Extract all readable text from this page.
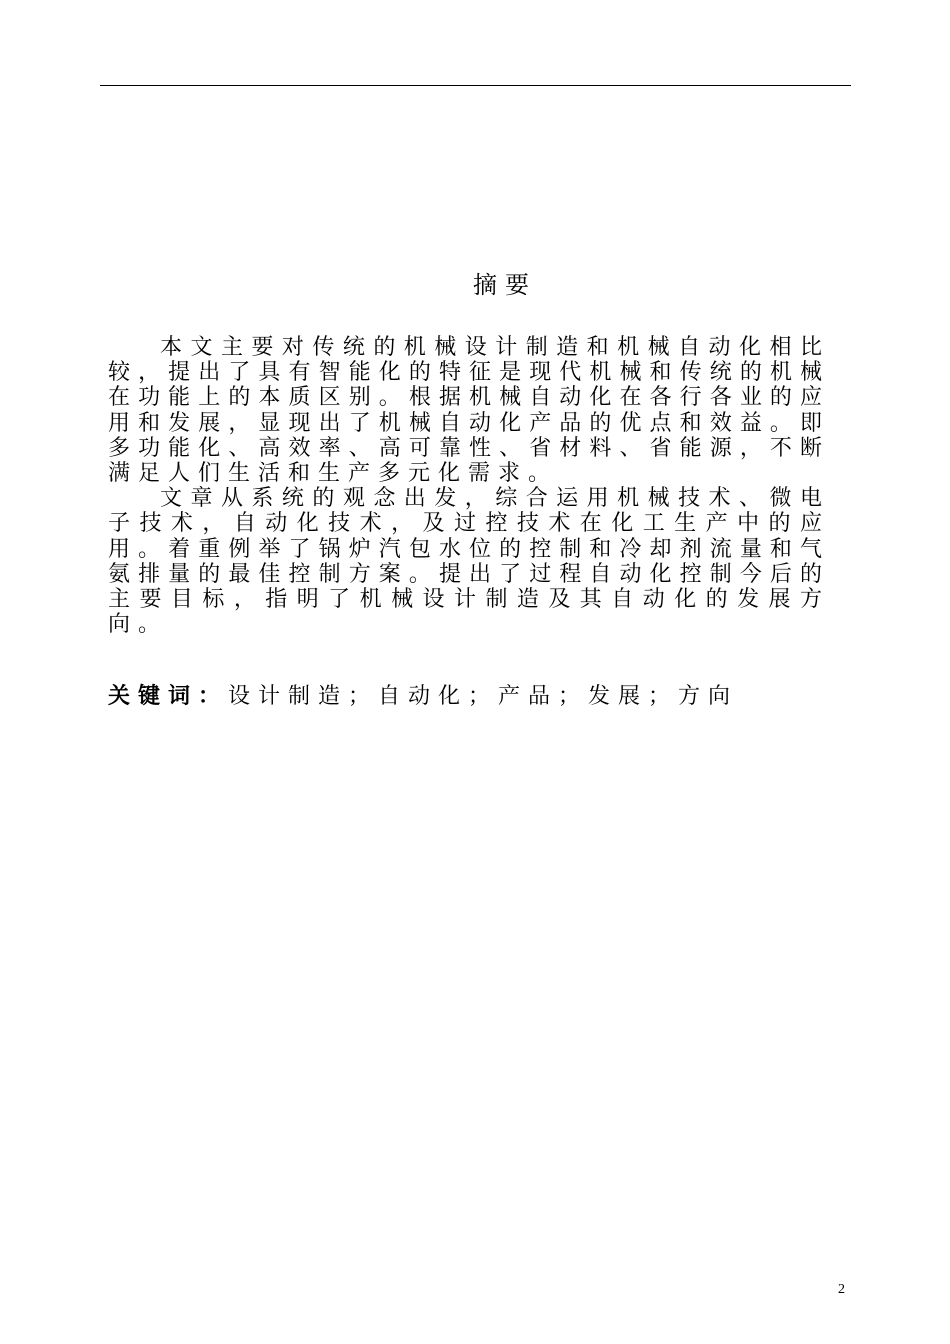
摘要

本文主要对传统的机械设计制造和机械自动化相比较，提出了具有智能化的特征是现代机械和传统的机械在功能上的本质区别。根据机械自动化在各行各业的应用和发展，显现出了机械自动化产品的优点和效益。即多功能化、高效率、高可靠性、省材料、省能源，不断满足人们生活和生产多元化需求。

文章从系统的观念出发，综合运用机械技术、微电子技术，自动化技术，及过控技术在化工生产中的应用。着重例举了锅炉汽包水位的控制和冷却剂流量和气氨排量的最佳控制方案。提出了过程自动化控制今后的主要目标，指明了机械设计制造及其自动化的发展方向。

关键词：设计制造；自动化；产品；发展；方向
2
